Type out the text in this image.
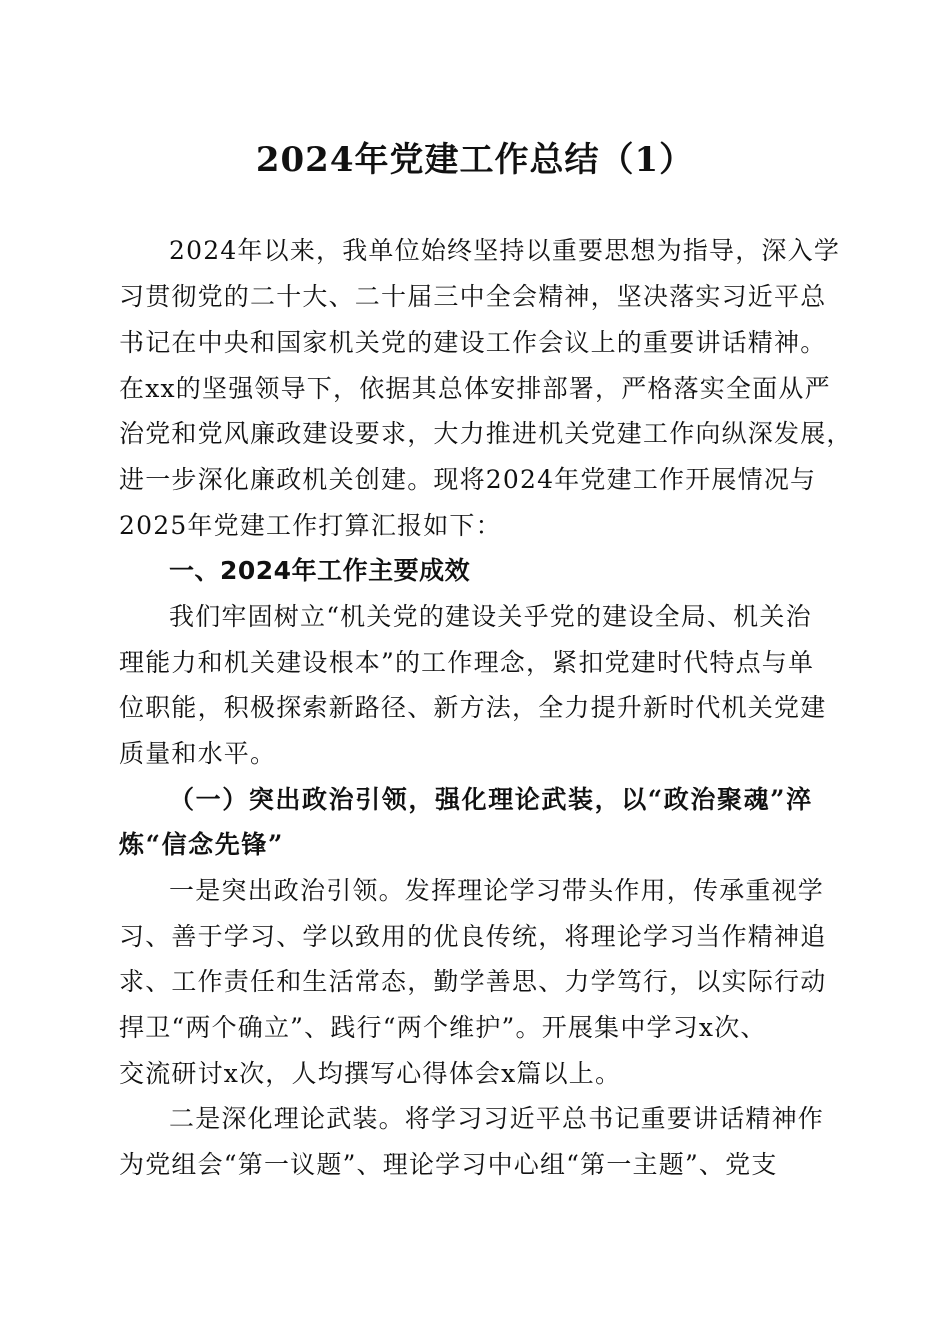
2024年党建工作总结（1）
2024年以来，我单位始终坚持以重要思想为指导，深入学
习贯彻党的二十大、二十届三中全会精神，坚决落实习近平总
书记在中央和国家机关党的建设工作会议上的重要讲话精神。
在xx的坚强领导下，依据其总体安排部署，严格落实全面从严
治党和党风廉政建设要求，大力推进机关党建工作向纵深发展，
进一步深化廉政机关创建。现将2024年党建工作开展情况与
2025年党建工作打算汇报如下：
一、2024年工作主要成效
我们牢固树立“机关党的建设关乎党的建设全局、机关治
理能力和机关建设根本”的工作理念，紧扣党建时代特点与单
位职能，积极探索新路径、新方法，全力提升新时代机关党建
质量和水平。
（一）突出政治引领，强化理论武装，以“政治聚魂”淬
炼“信念先锋”
一是突出政治引领。发挥理论学习带头作用，传承重视学
习、善于学习、学以致用的优良传统，将理论学习当作精神追
求、工作责任和生活常态，勤学善思、力学笃行，以实际行动
捍卫“两个确立”、践行“两个维护”。开展集中学习x次、
交流研讨x次，人均撰写心得体会x篇以上。
二是深化理论武装。将学习习近平总书记重要讲话精神作
为党组会“第一议题”、理论学习中心组“第一主题”、党支
